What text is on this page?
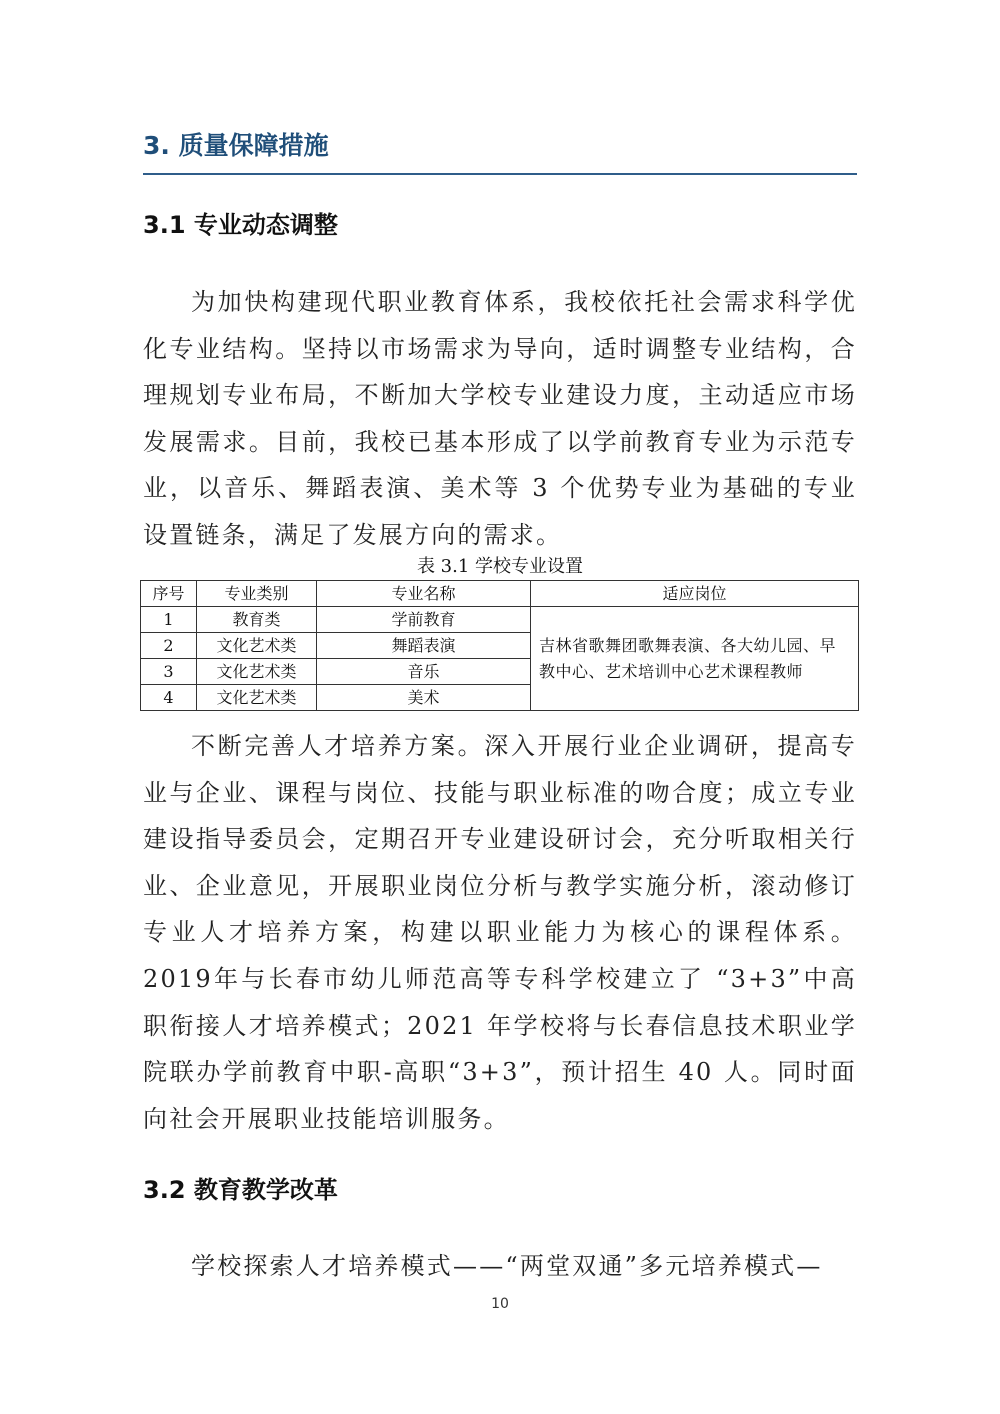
3. 质量保障措施
3.1 专业动态调整

为加快构建现代职业教育体系，我校依托社会需求科学优化专业结构。坚持以市场需求为导向，适时调整专业结构，合理规划专业布局，不断加大学校专业建设力度，主动适应市场发展需求。目前，我校已基本形成了以学前教育专业为示范专业，以音乐、舞蹈表演、美术等 3 个优势专业为基础的专业设置链条，满足了发展方向的需求。

表 3.1 学校专业设置

序号	专业类别	专业名称	适应岗位
1	教育类	学前教育	吉林省歌舞团歌舞表演、各大幼儿园、早教中心、艺术培训中心艺术课程教师
2	文化艺术类	舞蹈表演	
3	文化艺术类	音乐	
4	文化艺术类	美术	

不断完善人才培养方案。深入开展行业企业调研，提高专业与企业、课程与岗位、技能与职业标准的吻合度；成立专业建设指导委员会，定期召开专业建设研讨会，充分听取相关行业、企业意见，开展职业岗位分析与教学实施分析，滚动修订专业人才培养方案，构建以职业能力为核心的课程体系。2019年与长春市幼儿师范高等专科学校建立了 “3+3”中高职衔接人才培养模式；2021 年学校将与长春信息技术职业学院联办学前教育中职-高职“3+3”，预计招生 40 人。同时面向社会开展职业技能培训服务。

3.2 教育教学改革

学校探索人才培养模式——“两堂双通”多元培养模式—

10
